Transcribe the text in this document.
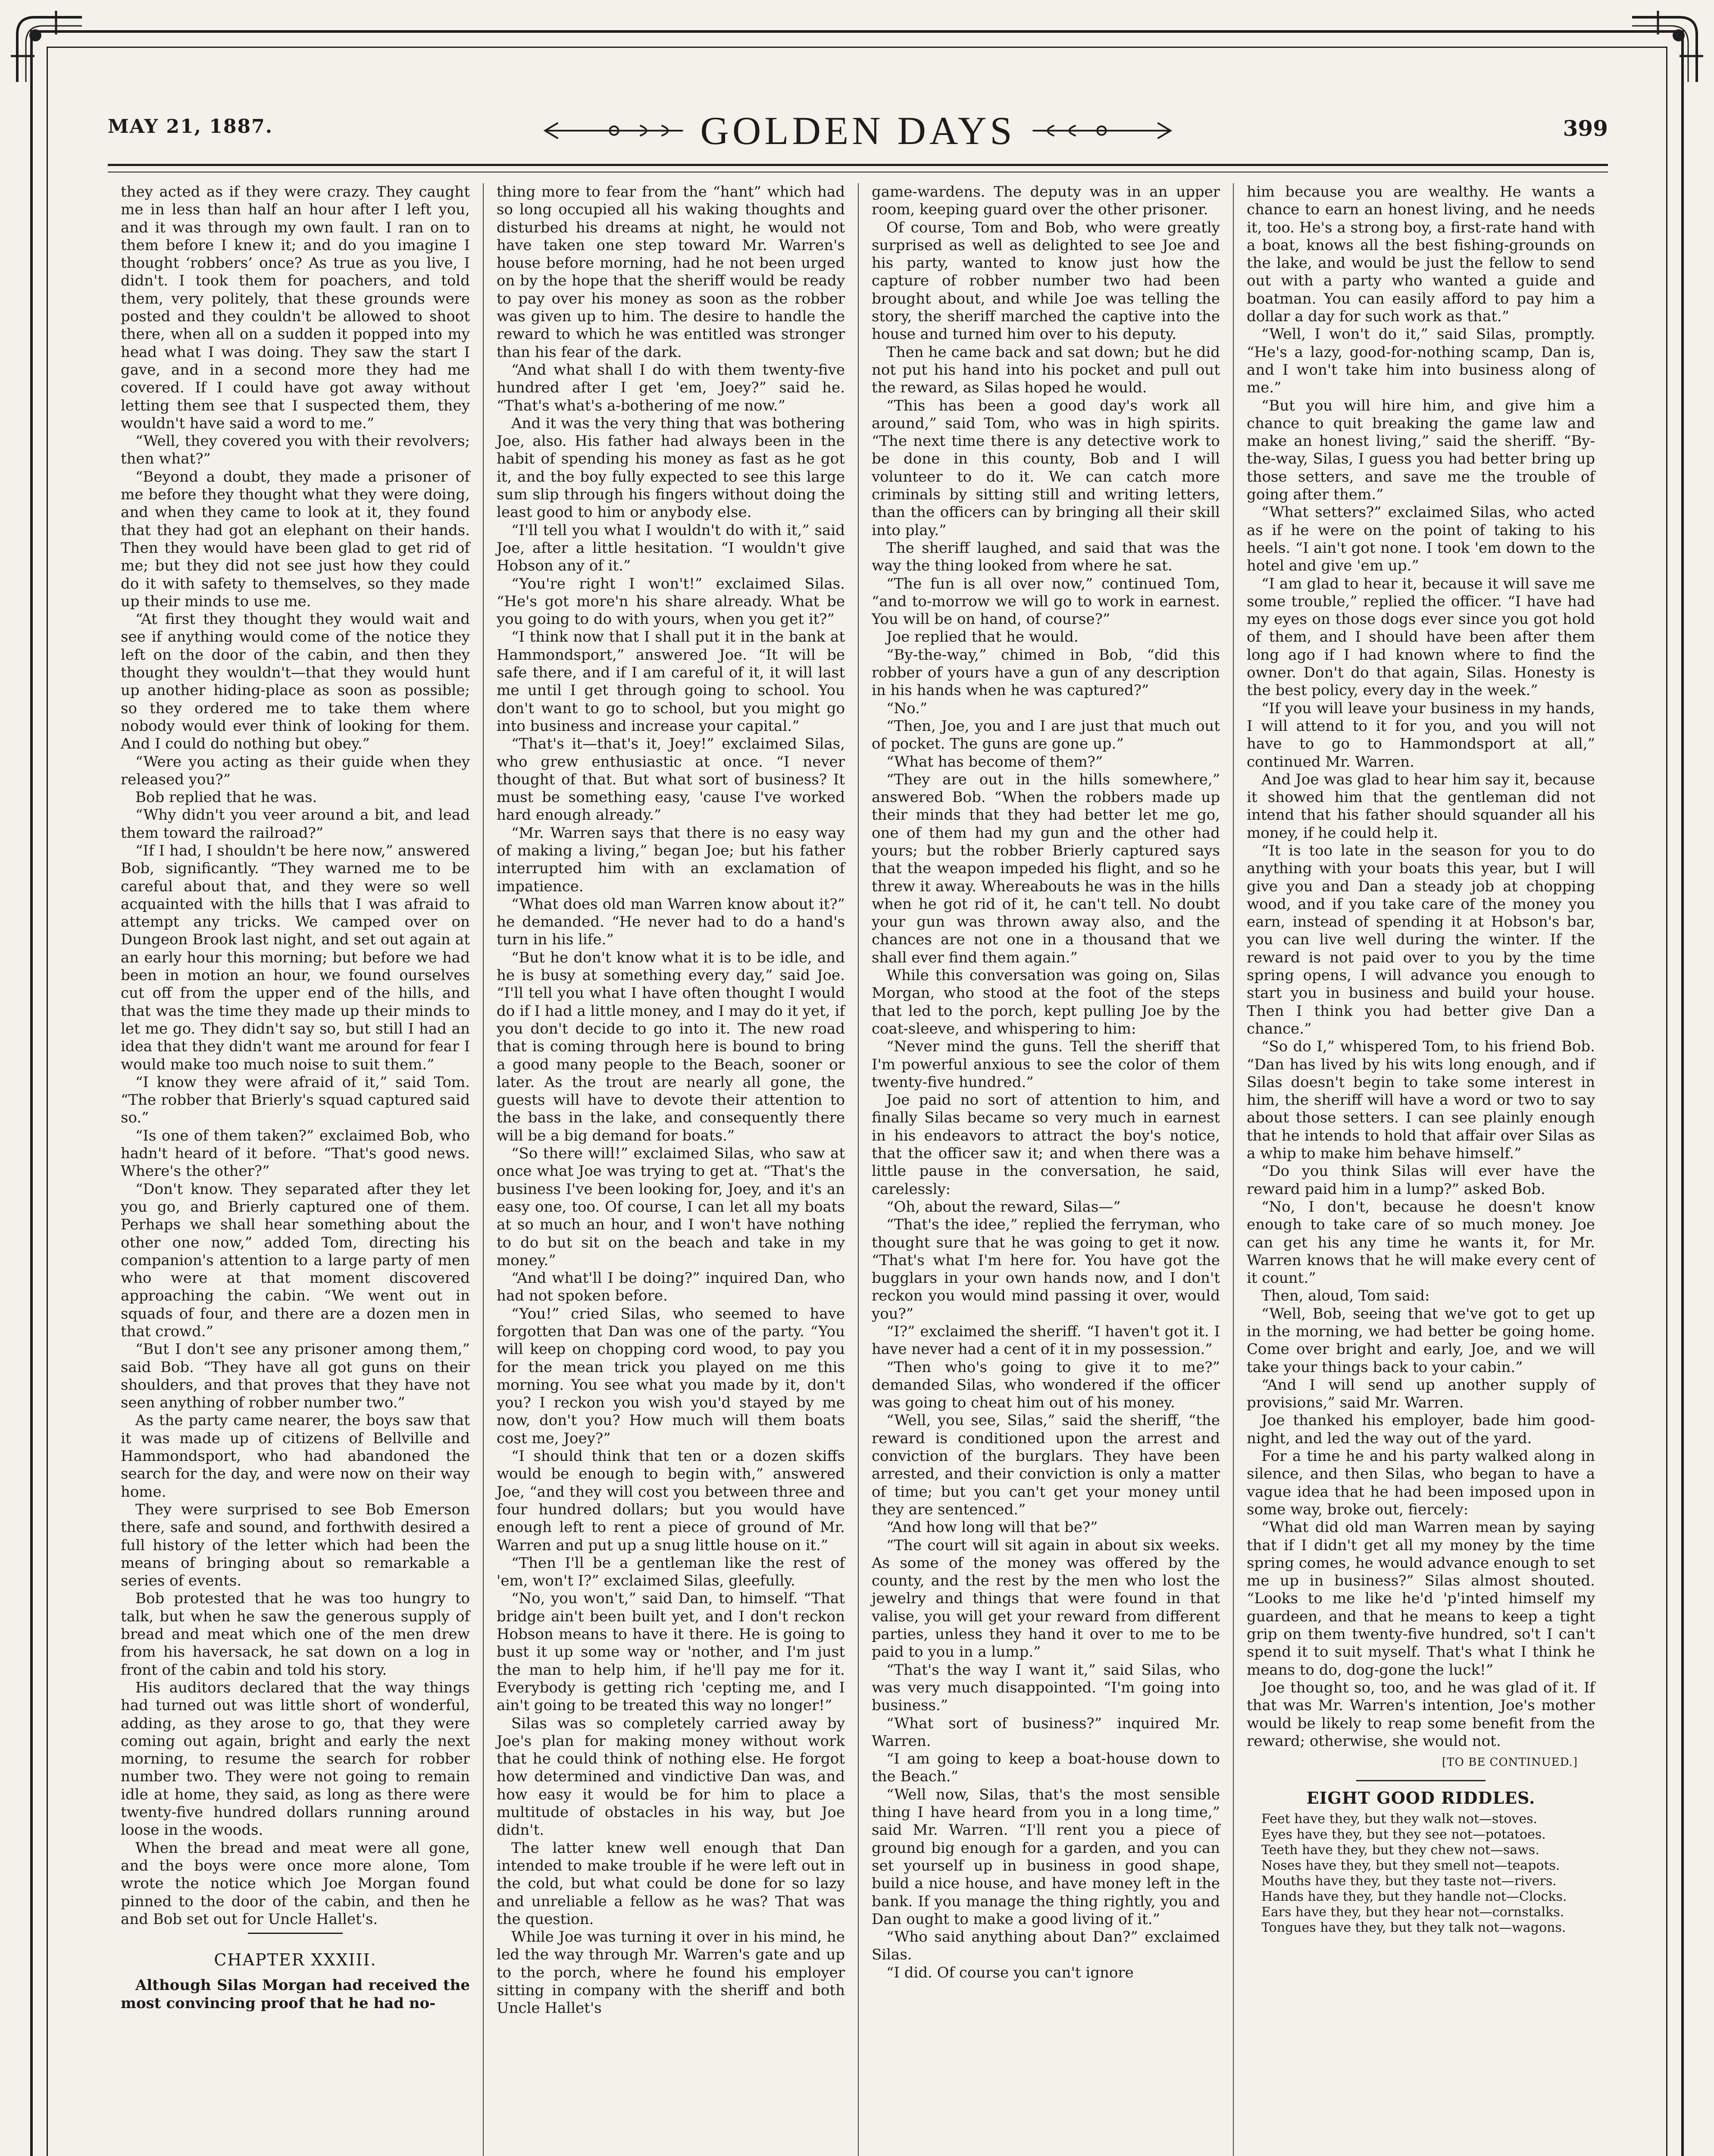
MAY 21, 1887.	GOLDEN DAYS	399

they acted as if they were crazy. They caught me in less than half an hour after I left you, and it was through my own fault. I ran on to them before I knew it; and do you imagine I thought ‘robbers’ once? As true as you live, I didn't. I took them for poachers, and told them, very politely, that these grounds were posted and they couldn't be allowed to shoot there, when all on a sudden it popped into my head what I was doing. They saw the start I gave, and in a second more they had me covered. If I could have got away without letting them see that I suspected them, they wouldn't have said a word to me.”

“Well, they covered you with their revolvers; then what?”

“Beyond a doubt, they made a prisoner of me before they thought what they were doing, and when they came to look at it, they found that they had got an elephant on their hands. Then they would have been glad to get rid of me; but they did not see just how they could do it with safety to themselves, so they made up their minds to use me.

“At first they thought they would wait and see if anything would come of the notice they left on the door of the cabin, and then they thought they wouldn't—that they would hunt up another hiding-place as soon as possible; so they ordered me to take them where nobody would ever think of looking for them. And I could do nothing but obey.”

“Were you acting as their guide when they released you?”

Bob replied that he was.

“Why didn't you veer around a bit, and lead them toward the railroad?”

“If I had, I shouldn't be here now,” answered Bob, significantly. “They warned me to be careful about that, and they were so well acquainted with the hills that I was afraid to attempt any tricks. We camped over on Dungeon Brook last night, and set out again at an early hour this morning; but before we had been in motion an hour, we found ourselves cut off from the upper end of the hills, and that was the time they made up their minds to let me go. They didn't say so, but still I had an idea that they didn't want me around for fear I would make too much noise to suit them.”

“I know they were afraid of it,” said Tom. “The robber that Brierly's squad captured said so.”

“Is one of them taken?” exclaimed Bob, who hadn't heard of it before. “That's good news. Where's the other?”

“Don't know. They separated after they let you go, and Brierly captured one of them. Perhaps we shall hear something about the other one now,” added Tom, directing his companion's attention to a large party of men who were at that moment discovered approaching the cabin. “We went out in squads of four, and there are a dozen men in that crowd.”

“But I don't see any prisoner among them,” said Bob. “They have all got guns on their shoulders, and that proves that they have not seen anything of robber number two.”

As the party came nearer, the boys saw that it was made up of citizens of Bellville and Hammondsport, who had abandoned the search for the day, and were now on their way home.

They were surprised to see Bob Emerson there, safe and sound, and forthwith desired a full history of the letter which had been the means of bringing about so remarkable a series of events.

Bob protested that he was too hungry to talk, but when he saw the generous supply of bread and meat which one of the men drew from his haversack, he sat down on a log in front of the cabin and told his story.

His auditors declared that the way things had turned out was little short of wonderful, adding, as they arose to go, that they were coming out again, bright and early the next morning, to resume the search for robber number two. They were not going to remain idle at home, they said, as long as there were twenty-five hundred dollars running around loose in the woods.

When the bread and meat were all gone, and the boys were once more alone, Tom wrote the notice which Joe Morgan found pinned to the door of the cabin, and then he and Bob set out for Uncle Hallet's.

CHAPTER XXXIII.

Although Silas Morgan had received the most convincing proof that he had no-

thing more to fear from the “hant” which had so long occupied all his waking thoughts and disturbed his dreams at night, he would not have taken one step toward Mr. Warren's house before morning, had he not been urged on by the hope that the sheriff would be ready to pay over his money as soon as the robber was given up to him. The desire to handle the reward to which he was entitled was stronger than his fear of the dark.

“And what shall I do with them twenty-five hundred after I get 'em, Joey?” said he. “That's what's a-bothering of me now.”

And it was the very thing that was bothering Joe, also. His father had always been in the habit of spending his money as fast as he got it, and the boy fully expected to see this large sum slip through his fingers without doing the least good to him or anybody else.

“I'll tell you what I wouldn't do with it,” said Joe, after a little hesitation. “I wouldn't give Hobson any of it.”

“You're right I won't!” exclaimed Silas. “He's got more'n his share already. What be you going to do with yours, when you get it?”

“I think now that I shall put it in the bank at Hammondsport,” answered Joe. “It will be safe there, and if I am careful of it, it will last me until I get through going to school. You don't want to go to school, but you might go into business and increase your capital.”

“That's it—that's it, Joey!” exclaimed Silas, who grew enthusiastic at once. “I never thought of that. But what sort of business? It must be something easy, 'cause I've worked hard enough already.”

“Mr. Warren says that there is no easy way of making a living,” began Joe; but his father interrupted him with an exclamation of impatience.

“What does old man Warren know about it?” he demanded. “He never had to do a hand's turn in his life.”

“But he don't know what it is to be idle, and he is busy at something every day,” said Joe. “I'll tell you what I have often thought I would do if I had a little money, and I may do it yet, if you don't decide to go into it. The new road that is coming through here is bound to bring a good many people to the Beach, sooner or later. As the trout are nearly all gone, the guests will have to devote their attention to the bass in the lake, and consequently there will be a big demand for boats.”

“So there will!” exclaimed Silas, who saw at once what Joe was trying to get at. “That's the business I've been looking for, Joey, and it's an easy one, too. Of course, I can let all my boats at so much an hour, and I won't have nothing to do but sit on the beach and take in my money.”

“And what'll I be doing?” inquired Dan, who had not spoken before.

“You!” cried Silas, who seemed to have forgotten that Dan was one of the party. “You will keep on chopping cord wood, to pay you for the mean trick you played on me this morning. You see what you made by it, don't you? I reckon you wish you'd stayed by me now, don't you? How much will them boats cost me, Joey?”

“I should think that ten or a dozen skiffs would be enough to begin with,” answered Joe, “and they will cost you between three and four hundred dollars; but you would have enough left to rent a piece of ground of Mr. Warren and put up a snug little house on it.”

“Then I'll be a gentleman like the rest of 'em, won't I?” exclaimed Silas, gleefully.

“No, you won't,” said Dan, to himself. “That bridge ain't been built yet, and I don't reckon Hobson means to have it there. He is going to bust it up some way or 'nother, and I'm just the man to help him, if he'll pay me for it. Everybody is getting rich 'cepting me, and I ain't going to be treated this way no longer!”

Silas was so completely carried away by Joe's plan for making money without work that he could think of nothing else. He forgot how determined and vindictive Dan was, and how easy it would be for him to place a multitude of obstacles in his way, but Joe didn't.

The latter knew well enough that Dan intended to make trouble if he were left out in the cold, but what could be done for so lazy and unreliable a fellow as he was? That was the question.

While Joe was turning it over in his mind, he led the way through Mr. Warren's gate and up to the porch, where he found his employer sitting in company with the sheriff and both Uncle Hallet's

game-wardens. The deputy was in an upper room, keeping guard over the other prisoner.

Of course, Tom and Bob, who were greatly surprised as well as delighted to see Joe and his party, wanted to know just how the capture of robber number two had been brought about, and while Joe was telling the story, the sheriff marched the captive into the house and turned him over to his deputy.

Then he came back and sat down; but he did not put his hand into his pocket and pull out the reward, as Silas hoped he would.

“This has been a good day's work all around,” said Tom, who was in high spirits. “The next time there is any detective work to be done in this county, Bob and I will volunteer to do it. We can catch more criminals by sitting still and writing letters, than the officers can by bringing all their skill into play.”

The sheriff laughed, and said that was the way the thing looked from where he sat.

“The fun is all over now,” continued Tom, “and to-morrow we will go to work in earnest. You will be on hand, of course?”

Joe replied that he would.

“By-the-way,” chimed in Bob, “did this robber of yours have a gun of any description in his hands when he was captured?”

“No.”

“Then, Joe, you and I are just that much out of pocket. The guns are gone up.”

“What has become of them?”

“They are out in the hills somewhere,” answered Bob. “When the robbers made up their minds that they had better let me go, one of them had my gun and the other had yours; but the robber Brierly captured says that the weapon impeded his flight, and so he threw it away. Whereabouts he was in the hills when he got rid of it, he can't tell. No doubt your gun was thrown away also, and the chances are not one in a thousand that we shall ever find them again.”

While this conversation was going on, Silas Morgan, who stood at the foot of the steps that led to the porch, kept pulling Joe by the coat-sleeve, and whispering to him:

“Never mind the guns. Tell the sheriff that I'm powerful anxious to see the color of them twenty-five hundred.”

Joe paid no sort of attention to him, and finally Silas became so very much in earnest in his endeavors to attract the boy's notice, that the officer saw it; and when there was a little pause in the conversation, he said, carelessly:

“Oh, about the reward, Silas—”

“That's the idee,” replied the ferryman, who thought sure that he was going to get it now. “That's what I'm here for. You have got the bugglars in your own hands now, and I don't reckon you would mind passing it over, would you?”

“I?” exclaimed the sheriff. “I haven't got it. I have never had a cent of it in my possession.”

“Then who's going to give it to me?” demanded Silas, who wondered if the officer was going to cheat him out of his money.

“Well, you see, Silas,” said the sheriff, “the reward is conditioned upon the arrest and conviction of the burglars. They have been arrested, and their conviction is only a matter of time; but you can't get your money until they are sentenced.”

“And how long will that be?”

“The court will sit again in about six weeks. As some of the money was offered by the county, and the rest by the men who lost the jewelry and things that were found in that valise, you will get your reward from different parties, unless they hand it over to me to be paid to you in a lump.”

“That's the way I want it,” said Silas, who was very much disappointed. “I'm going into business.”

“What sort of business?” inquired Mr. Warren.

“I am going to keep a boat-house down to the Beach.”

“Well now, Silas, that's the most sensible thing I have heard from you in a long time,” said Mr. Warren. “I'll rent you a piece of ground big enough for a garden, and you can set yourself up in business in good shape, build a nice house, and have money left in the bank. If you manage the thing rightly, you and Dan ought to make a good living of it.”

“Who said anything about Dan?” exclaimed Silas.

“I did. Of course you can't ignore

him because you are wealthy. He wants a chance to earn an honest living, and he needs it, too. He's a strong boy, a first-rate hand with a boat, knows all the best fishing-grounds on the lake, and would be just the fellow to send out with a party who wanted a guide and boatman. You can easily afford to pay him a dollar a day for such work as that.”

“Well, I won't do it,” said Silas, promptly. “He's a lazy, good-for-nothing scamp, Dan is, and I won't take him into business along of me.”

“But you will hire him, and give him a chance to quit breaking the game law and make an honest living,” said the sheriff. “By-the-way, Silas, I guess you had better bring up those setters, and save me the trouble of going after them.”

“What setters?” exclaimed Silas, who acted as if he were on the point of taking to his heels. “I ain't got none. I took 'em down to the hotel and give 'em up.”

“I am glad to hear it, because it will save me some trouble,” replied the officer. “I have had my eyes on those dogs ever since you got hold of them, and I should have been after them long ago if I had known where to find the owner. Don't do that again, Silas. Honesty is the best policy, every day in the week.”

“If you will leave your business in my hands, I will attend to it for you, and you will not have to go to Hammondsport at all,” continued Mr. Warren.

And Joe was glad to hear him say it, because it showed him that the gentleman did not intend that his father should squander all his money, if he could help it.

“It is too late in the season for you to do anything with your boats this year, but I will give you and Dan a steady job at chopping wood, and if you take care of the money you earn, instead of spending it at Hobson's bar, you can live well during the winter. If the reward is not paid over to you by the time spring opens, I will advance you enough to start you in business and build your house. Then I think you had better give Dan a chance.”

“So do I,” whispered Tom, to his friend Bob. “Dan has lived by his wits long enough, and if Silas doesn't begin to take some interest in him, the sheriff will have a word or two to say about those setters. I can see plainly enough that he intends to hold that affair over Silas as a whip to make him behave himself.”

“Do you think Silas will ever have the reward paid him in a lump?” asked Bob.

“No, I don't, because he doesn't know enough to take care of so much money. Joe can get his any time he wants it, for Mr. Warren knows that he will make every cent of it count.”

Then, aloud, Tom said:

“Well, Bob, seeing that we've got to get up in the morning, we had better be going home. Come over bright and early, Joe, and we will take your things back to your cabin.”

“And I will send up another supply of provisions,” said Mr. Warren.

Joe thanked his employer, bade him good-night, and led the way out of the yard.

For a time he and his party walked along in silence, and then Silas, who began to have a vague idea that he had been imposed upon in some way, broke out, fiercely:

“What did old man Warren mean by saying that if I didn't get all my money by the time spring comes, he would advance enough to set me up in business?” Silas almost shouted. “Looks to me like he'd 'p'inted himself my guardeen, and that he means to keep a tight grip on them twenty-five hundred, so't I can't spend it to suit myself. That's what I think he means to do, dog-gone the luck!”

Joe thought so, too, and he was glad of it. If that was Mr. Warren's intention, Joe's mother would be likely to reap some benefit from the reward; otherwise, she would not.

[TO BE CONTINUED.]
EIGHT GOOD RIDDLES.

Feet have they, but they walk not—stoves.

Eyes have they, but they see not—potatoes.

Teeth have they, but they chew not—saws.

Noses have they, but they smell not—teapots.

Mouths have they, but they taste not—rivers.

Hands have they, but they handle not—Clocks.

Ears have they, but they hear not—cornstalks.

Tongues have they, but they talk not—wagons.
